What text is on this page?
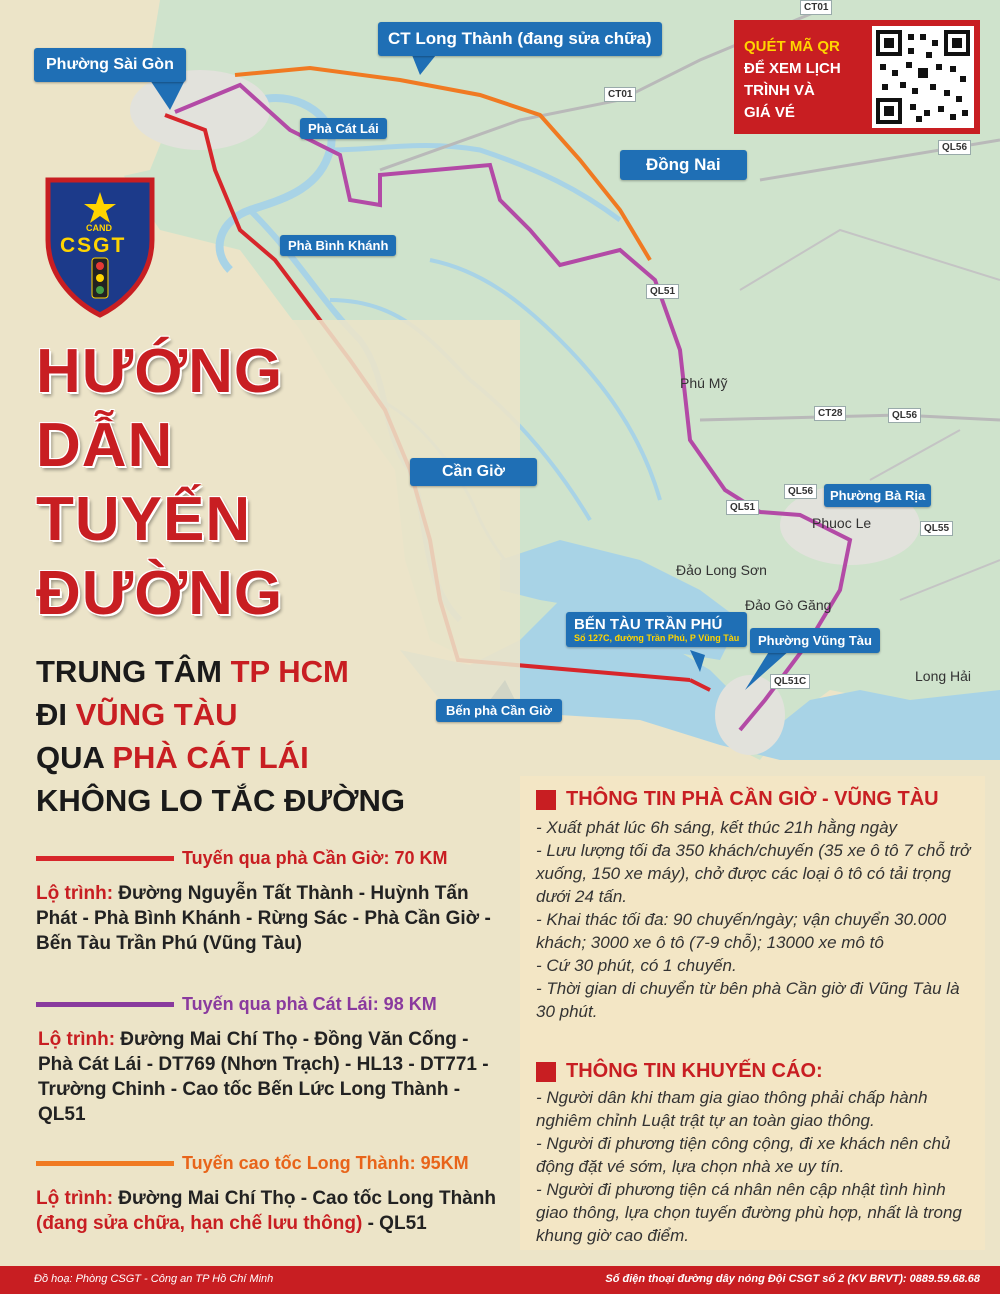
CAND
CSGT
QUÉT MÃ QR
ĐỂ XEM LỊCH
TRÌNH VÀ
GIÁ VÉ
Phường Sài Gòn
CT Long Thành (đang sửa chữa)
Phà Cát Lái
Phà Bình Khánh
Đồng Nai
Cần Giờ
Bến phà Cần Giờ
BẾN TÀU TRẦN PHÚ
Số 127C, đường Trần Phú, P Vũng Tàu
Phường Bà Rịa
Phường Vũng Tàu
Phú Mỹ
Phuoc Le
Đảo Long Sơn
Đảo Gò Găng
Long Hải
CT01
CT01
QL56
QL51
CT28	QL56
QL56
QL51
QL55
QL51C
HƯỚNG
DẪN
TUYẾN
ĐƯỜNG
TRUNG TÂM TP HCM
ĐI VŨNG TÀU
QUA PHÀ CÁT LÁI
KHÔNG LO TẮC ĐƯỜNG
Tuyến qua phà Cần Giờ: 70 KM
Lộ trình: Đường Nguyễn Tất Thành - Huỳnh Tấn Phát - Phà Bình Khánh - Rừng Sác - Phà Cần Giờ - Bến Tàu Trần Phú (Vũng Tàu)
Tuyến qua phà Cát Lái: 98 KM
Lộ trình: Đường Mai Chí Thọ - Đồng Văn Cống - Phà Cát Lái - DT769 (Nhơn Trạch) - HL13 - DT771 - Trường Chinh - Cao tốc Bến Lức Long Thành - QL51
Tuyến cao tốc Long Thành: 95KM
Lộ trình: Đường Mai Chí Thọ - Cao tốc Long Thành (đang sửa chữa, hạn chế lưu thông) - QL51
THÔNG TIN PHÀ CẦN GIỜ - VŨNG TÀU
- Xuất phát lúc 6h sáng, kết thúc 21h hằng ngày
- Lưu lượng tối đa 350 khách/chuyến (35 xe ô tô 7 chỗ trở xuống, 150 xe máy), chở được các loại ô tô có tải trọng dưới 24 tấn.
- Khai thác tối đa: 90 chuyến/ngày; vận chuyển 30.000 khách; 3000 xe ô tô (7-9 chỗ); 13000 xe mô tô
- Cứ 30 phút, có 1 chuyến.
- Thời gian di chuyển từ bên phà Cần giờ đi Vũng Tàu là 30 phút.
THÔNG TIN KHUYẾN CÁO:
- Người dân khi tham gia giao thông phải chấp hành nghiêm chỉnh Luật trật tự an toàn giao thông.
- Người đi phương tiện công cộng, đi xe khách nên chủ động đặt vé sớm, lựa chọn nhà xe uy tín.
- Người đi phương tiện cá nhân nên cập nhật tình hình giao thông, lựa chọn tuyến đường phù hợp, nhất là trong khung giờ cao điểm.
Đồ hoạ: Phòng CSGT - Công an TP Hồ Chí Minh	Số điện thoại đường dây nóng Đội CSGT số 2 (KV BRVT): 0889.59.68.68
